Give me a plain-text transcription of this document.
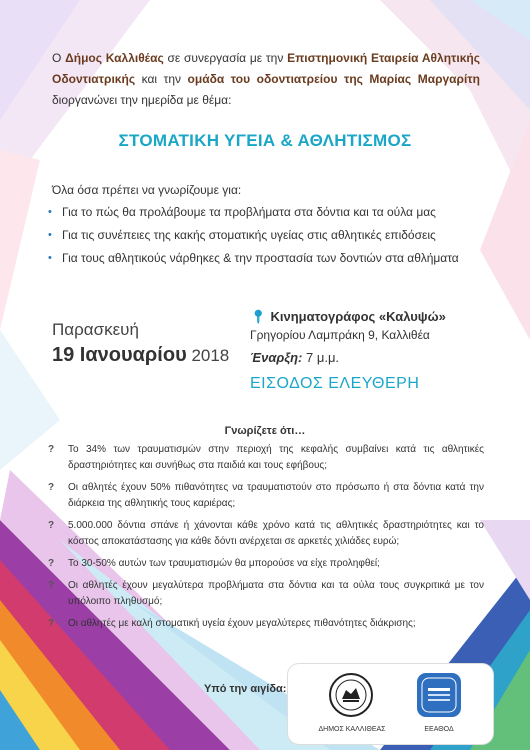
Ο Δήμος Καλλιθέας σε συνεργασία με την Επιστημονική Εταιρεία Αθλητικής Οδοντιατρικής και την ομάδα του οδοντιατρείου της Μαρίας Μαργαρίτη διοργανώνει την ημερίδα με θέμα:
ΣΤΟΜΑΤΙΚΗ ΥΓΕΙΑ & ΑΘΛΗΤΙΣΜΟΣ
Όλα όσα πρέπει να γνωρίζουμε για:
• Για το πώς θα προλάβουμε τα προβλήματα στα δόντια και τα ούλα μας
• Για τις συνέπειες της κακής στοματικής υγείας στις αθλητικές επιδόσεις
• Για τους αθλητικούς νάρθηκες & την προστασία των δοντιών στα αθλήματα
Παρασκευή
19 Ιανουαρίου 2018
📍︎ Κινηματογράφος «Καλυψώ»
Γρηγορίου Λαμπράκη 9, Καλλιθέα
Έναρξη: 7 μ.μ.
ΕΙΣΟΔΟΣ ΕΛΕΥΘΕΡΗ
Γνωρίζετε ότι…
? Το 34% των τραυματισμών στην περιοχή της κεφαλής συμβαίνει κατά τις αθλητικές δραστηριότητες και συνήθως στα παιδιά και τους εφήβους;
? Οι αθλητές έχουν 50% πιθανότητες να τραυματιστούν στο πρόσωπο ή στα δόντια κατά την διάρκεια της αθλητικής τους καριέρας;
? 5.000.000 δόντια σπάνε ή χάνονται κάθε χρόνο κατά τις αθλητικές δραστηριότητες και το κόστος αποκατάστασης για κάθε δόντι ανέρχεται σε αρκετές χιλιάδες ευρώ;
? Το 30-50% αυτών των τραυματισμών θα μπορούσε να είχε προληφθεί;
? Οι αθλητές έχουν μεγαλύτερα προβλήματα στα δόντια και τα ούλα τους συγκριτικά με τον υπόλοιπο πληθυσμό;
? Οι αθλητές με καλή στοματική υγεία έχουν μεγαλύτερες πιθανότητες διάκρισης;
Υπό την αιγίδα:
ΔΗΜΟΣ ΚΑΛΛΙΘΕΑΣ	ΕΕΑΘΟΔ
